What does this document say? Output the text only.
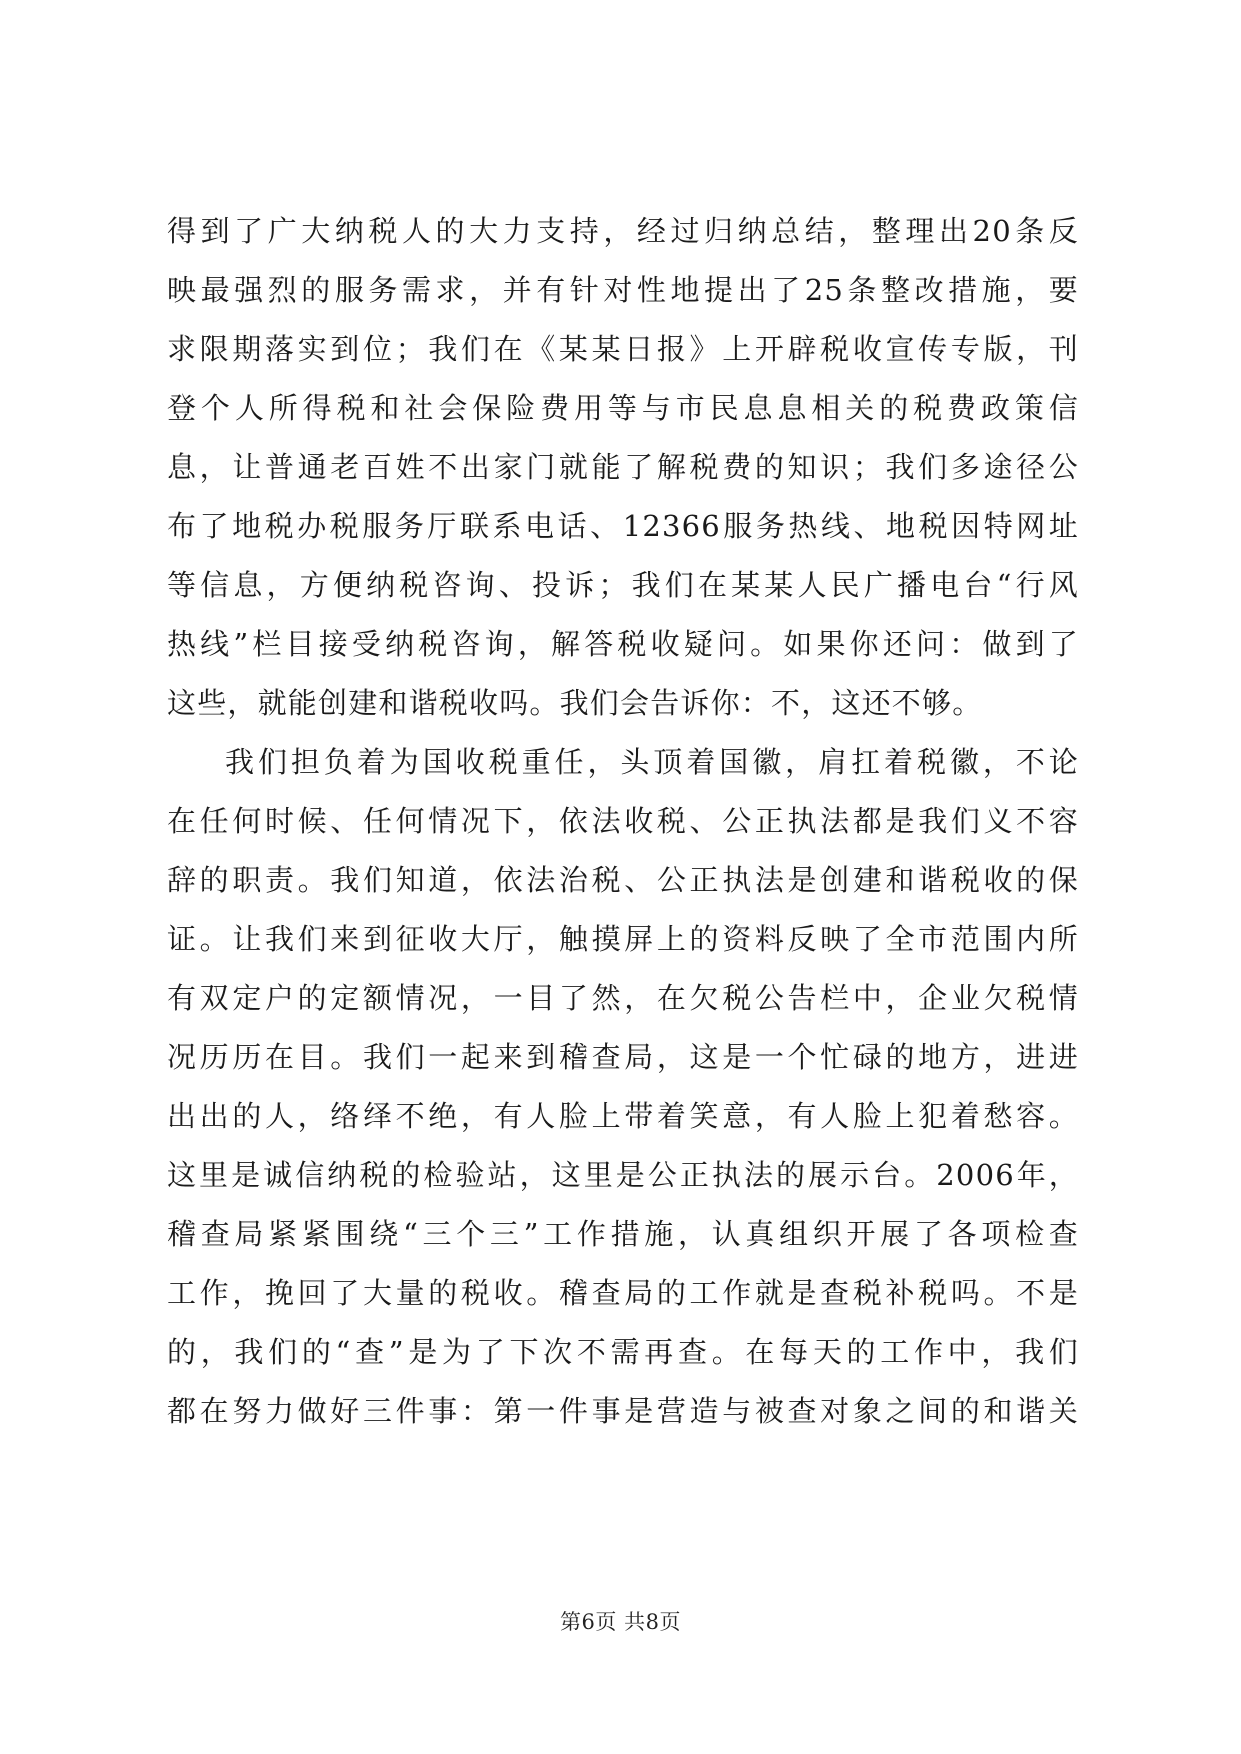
得到了广大纳税人的大力支持，经过归纳总结，整理出20条反
映最强烈的服务需求，并有针对性地提出了25条整改措施，要
求限期落实到位；我们在《某某日报》上开辟税收宣传专版，刊
登个人所得税和社会保险费用等与市民息息相关的税费政策信
息，让普通老百姓不出家门就能了解税费的知识；我们多途径公
布了地税办税服务厅联系电话、12366服务热线、地税因特网址
等信息，方便纳税咨询、投诉；我们在某某人民广播电台“行风
热线”栏目接受纳税咨询，解答税收疑问。如果你还问：做到了
这些，就能创建和谐税收吗。我们会告诉你：不，这还不够。
我们担负着为国收税重任，头顶着国徽，肩扛着税徽，不论
在任何时候、任何情况下，依法收税、公正执法都是我们义不容
辞的职责。我们知道，依法治税、公正执法是创建和谐税收的保
证。让我们来到征收大厅，触摸屏上的资料反映了全市范围内所
有双定户的定额情况，一目了然，在欠税公告栏中，企业欠税情
况历历在目。我们一起来到稽查局，这是一个忙碌的地方，进进
出出的人，络绎不绝，有人脸上带着笑意，有人脸上犯着愁容。
这里是诚信纳税的检验站，这里是公正执法的展示台。2006年，
稽查局紧紧围绕“三个三”工作措施，认真组织开展了各项检查
工作，挽回了大量的税收。稽查局的工作就是查税补税吗。不是
的，我们的“查”是为了下次不需再查。在每天的工作中，我们
都在努力做好三件事：第一件事是营造与被查对象之间的和谐关
第6页 共8页
